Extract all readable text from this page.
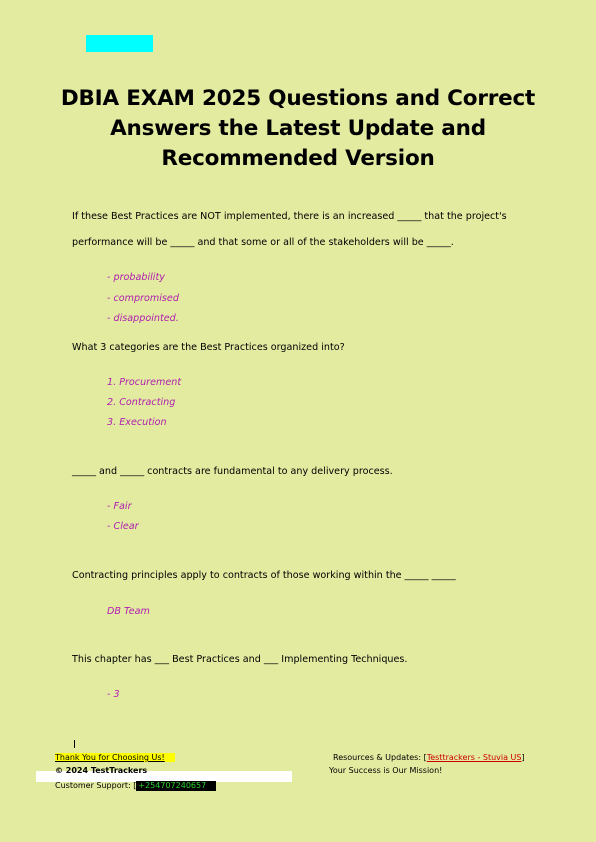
DBIA EXAM 2025 Questions and Correct
Answers the Latest Update and
Recommended Version
If these Best Practices are NOT implemented, there is an increased _____ that the project's
performance will be _____ and that some or all of the stakeholders will be _____.
- probability
- compromised
- disappointed.
What 3 categories are the Best Practices organized into?
1. Procurement
2. Contracting
3. Execution
_____ and _____ contracts are fundamental to any delivery process.
- Fair
- Clear
Contracting principles apply to contracts of those working within the _____ _____
DB Team
This chapter has ___ Best Practices and ___ Implementing Techniques.
- 3
Thank You for Choosing Us!
© 2024 TestTrackers
Customer Support: [ +254707240657
Resources & Updates: [Testtrackers - Stuvia US]
Your Success is Our Mission!
